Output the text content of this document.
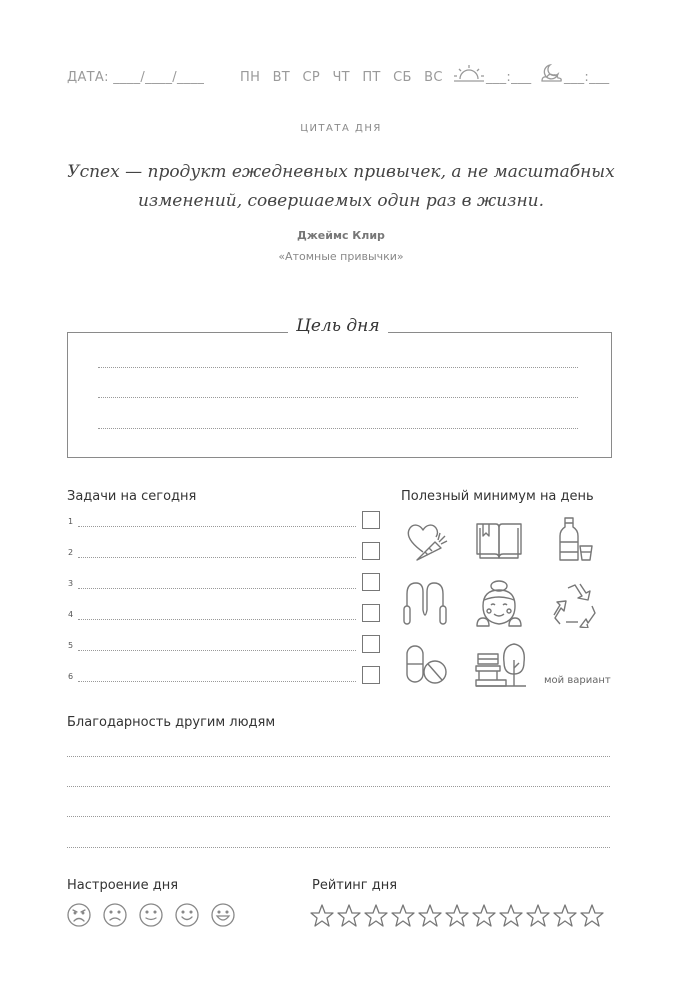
ДАТА: ____/____/____	ПН ВТ СР ЧТ ПТ СБ ВС	___:___	___:___
ЦИТАТА ДНЯ
Успех — продукт ежедневных привычек, а не масштабных
изменений, совершаемых один раз в жизни.
Джеймс Клир
«Атомные привычки»
Цель дня
Задачи на сегодня
1
2
3
4
5
6
Полезный минимум на день
мой вариант
Благодарность другим людям
Настроение дня	Рейтинг дня
